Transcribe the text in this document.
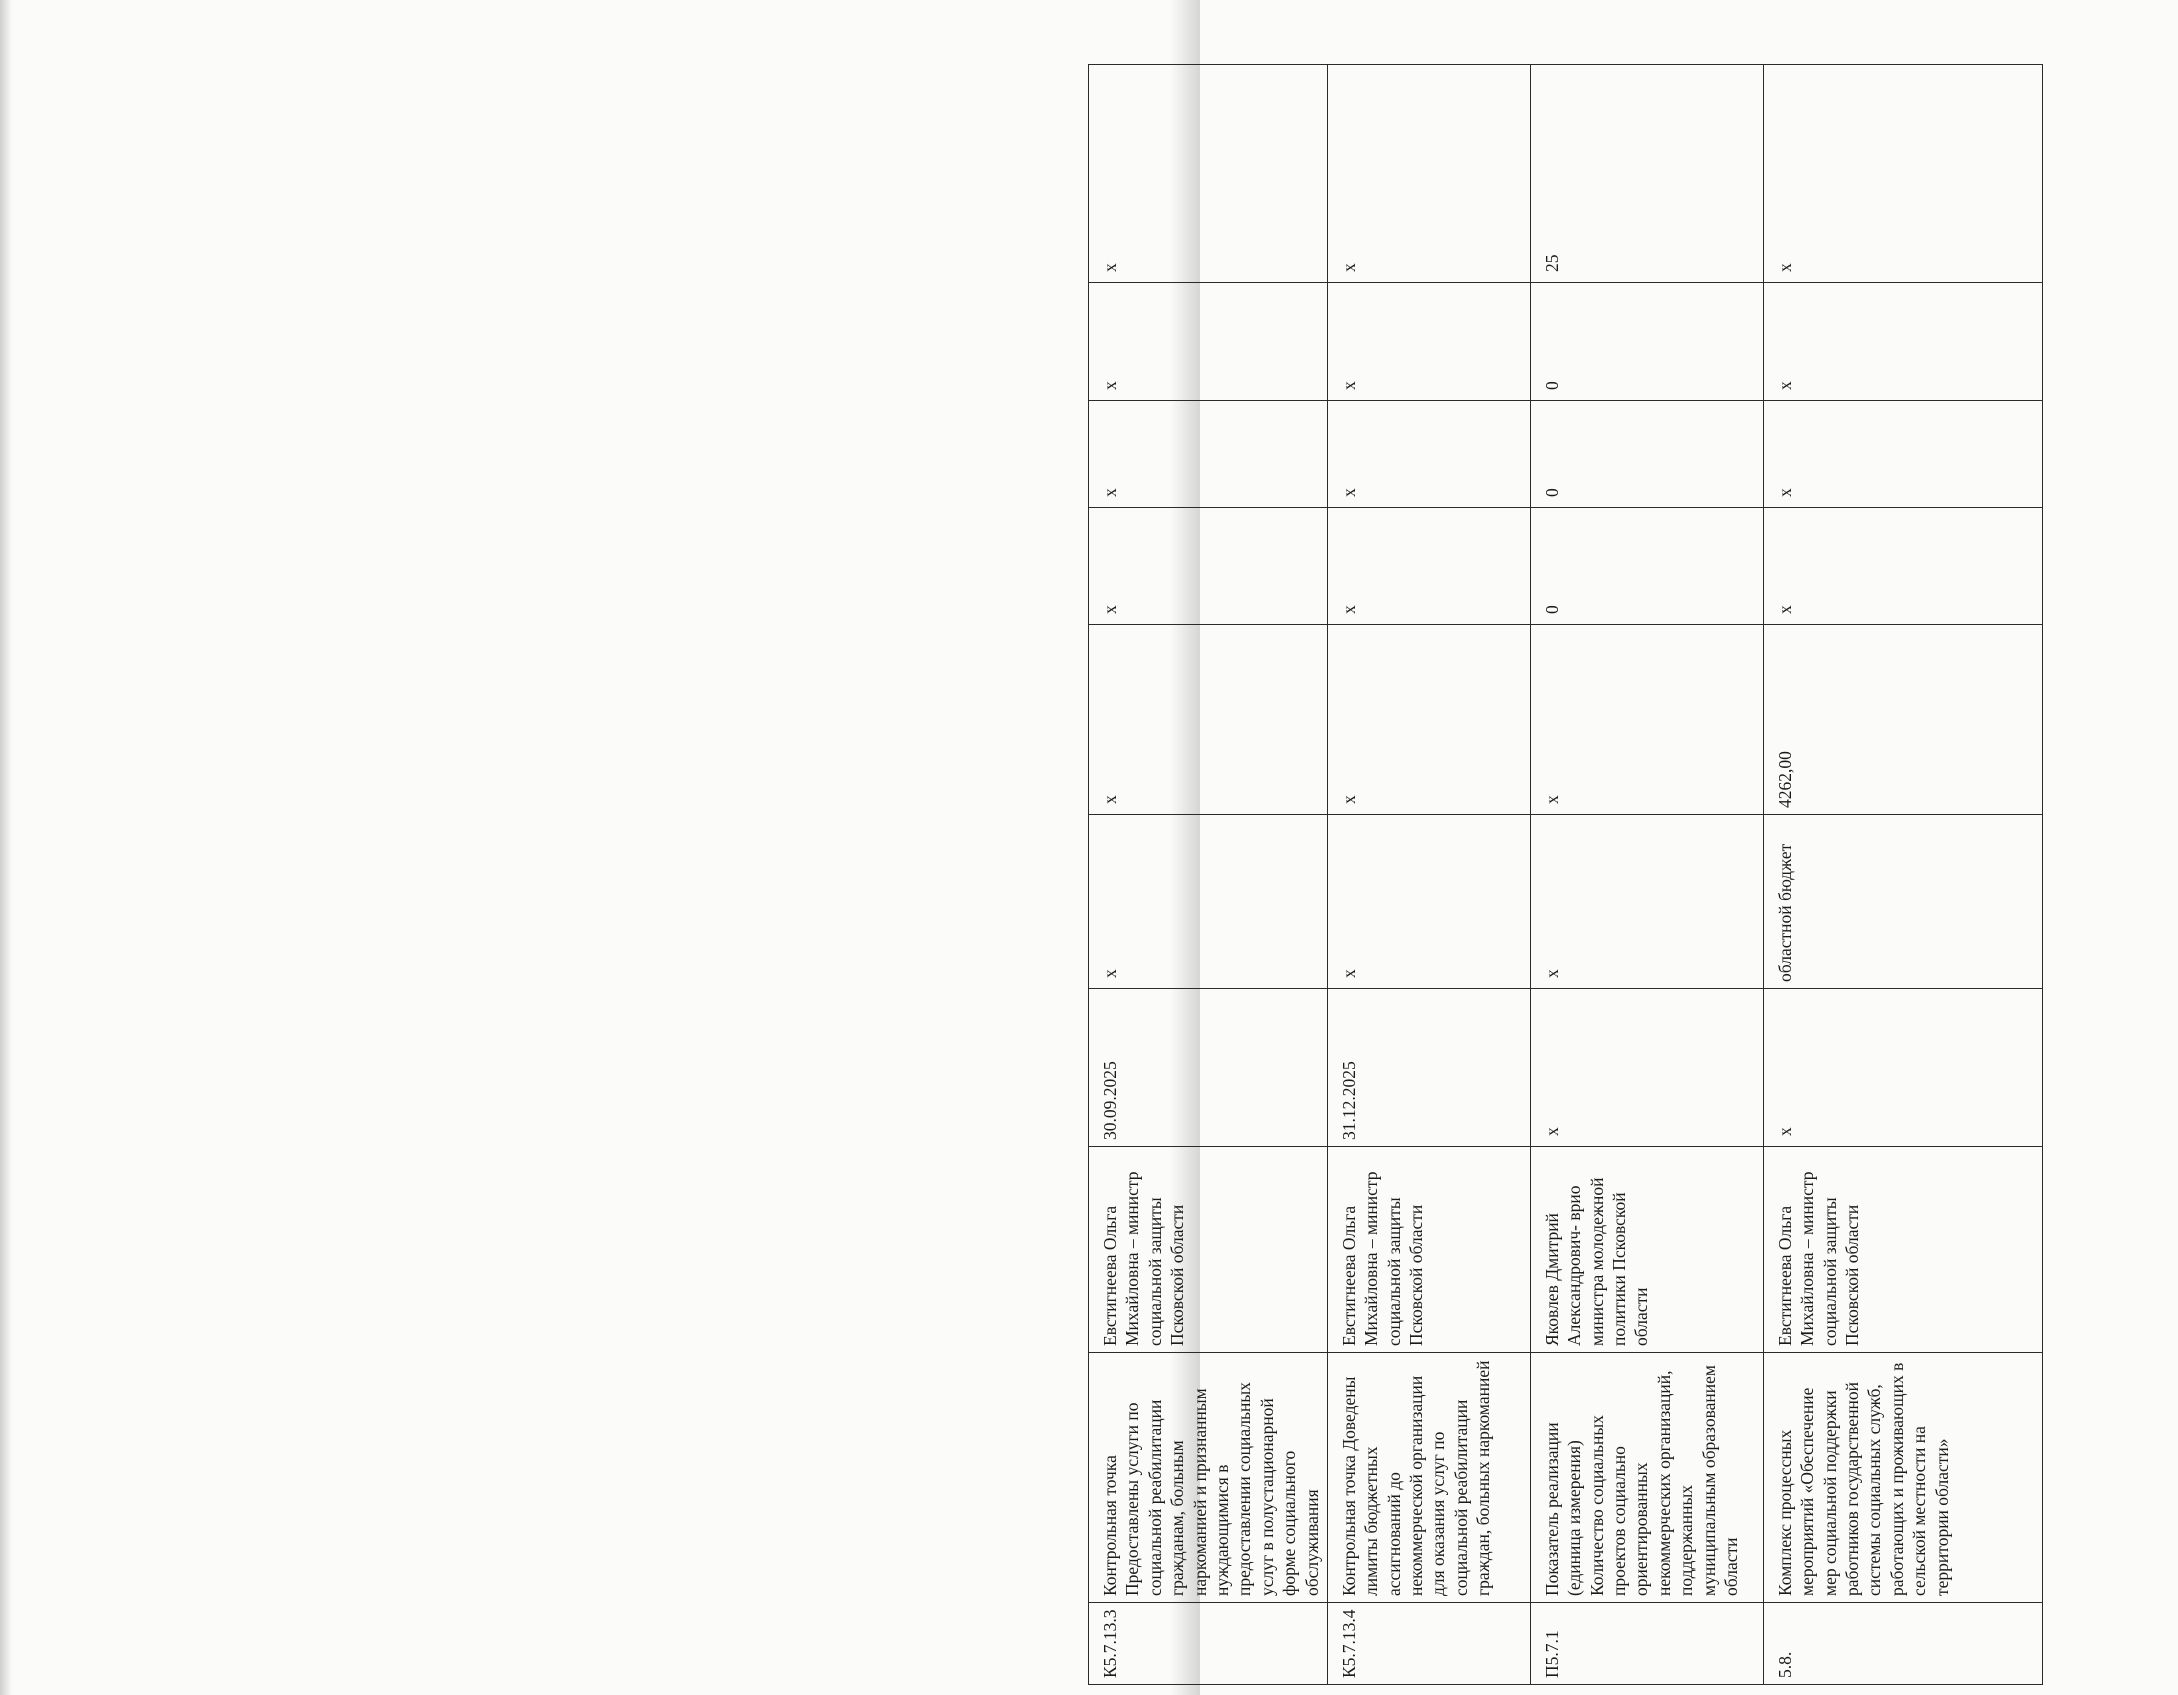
К5.7.13.3	Контрольная точка Предоставлены услуги по социальной реабилитации гражданам, больным наркоманией и признанным нуждающимися в предоставлении социальных услуг в полустационарной форме социального обслуживания	Евстигнеева Ольга Михайловна – министр социальной защиты Псковской области	30.09.2025	x	x	x	x	x	x
К5.7.13.4	Контрольная точка Доведены лимиты бюджетных ассигнований до некоммерческой организации для оказания услуг по социальной реабилитации граждан, больных наркоманией	Евстигнеева Ольга Михайловна – министр социальной защиты Псковской области	31.12.2025	x	x	x	x	x	x
П5.7.1	Показатель реализации (единица измерения) Количество социальных проектов социально ориентированных некоммерческих организаций, поддержанных муниципальным образованием области	Яковлев Дмитрий Александрович- врио министра молодежной политики Псковской области	x	x	x	0	0	0	25
5.8.	Комплекс процессных мероприятий «Обеспечение мер социальной поддержки работников государственной системы социальных служб, работающих и проживающих в сельской местности на территории области»	Евстигнеева Ольга Михайловна – министр социальной защиты Псковской области	x	областной бюджет	4262,00	x	x	x	x
